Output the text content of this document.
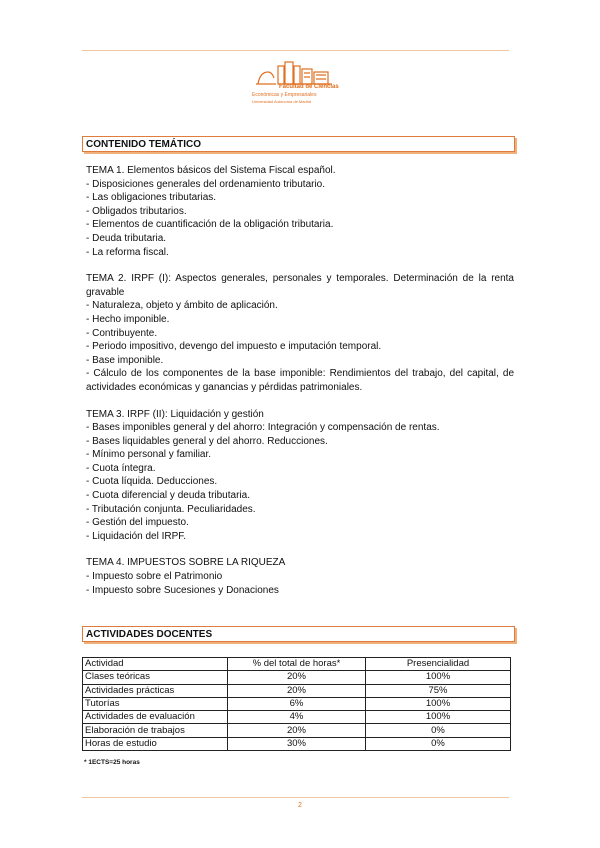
Facultad de Ciencias
Económicas y Empresariales
Universidad Autónoma de Madrid
CONTENIDO TEMÁTICO

TEMA 1. Elementos básicos del Sistema Fiscal español.

- Disposiciones generales del ordenamiento tributario.

- Las obligaciones tributarias.

- Obligados tributarios.

- Elementos de cuantificación de la obligación tributaria.

- Deuda tributaria.

- La reforma fiscal.

TEMA 2. IRPF (I): Aspectos generales, personales y temporales. Determinación de la renta gravable

- Naturaleza, objeto y ámbito de aplicación.

- Hecho imponible.

- Contribuyente.

- Periodo impositivo, devengo del impuesto e imputación temporal.

- Base imponible.

- Cálculo de los componentes de la base imponible: Rendimientos del trabajo, del capital, de actividades económicas y ganancias y pérdidas patrimoniales.

TEMA 3. IRPF (II): Liquidación y gestión

- Bases imponibles general y del ahorro: Integración y compensación de rentas.

- Bases liquidables general y del ahorro. Reducciones.

- Mínimo personal y familiar.

- Cuota íntegra.

- Cuota líquida. Deducciones.

- Cuota diferencial y deuda tributaria.

- Tributación conjunta. Peculiaridades.

- Gestión del impuesto.

- Liquidación del IRPF.

TEMA 4. IMPUESTOS SOBRE LA RIQUEZA

- Impuesto sobre el Patrimonio

- Impuesto sobre Sucesiones y Donaciones

ACTIVIDADES DOCENTES
Actividad	% del total de horas*	Presencialidad
Clases teóricas	20%	100%
Actividades prácticas	20%	75%
Tutorías	6%	100%
Actividades de evaluación	4%	100%
Elaboración de trabajos	20%	0%
Horas de estudio	30%	0%
* 1ECTS=25 horas
2
